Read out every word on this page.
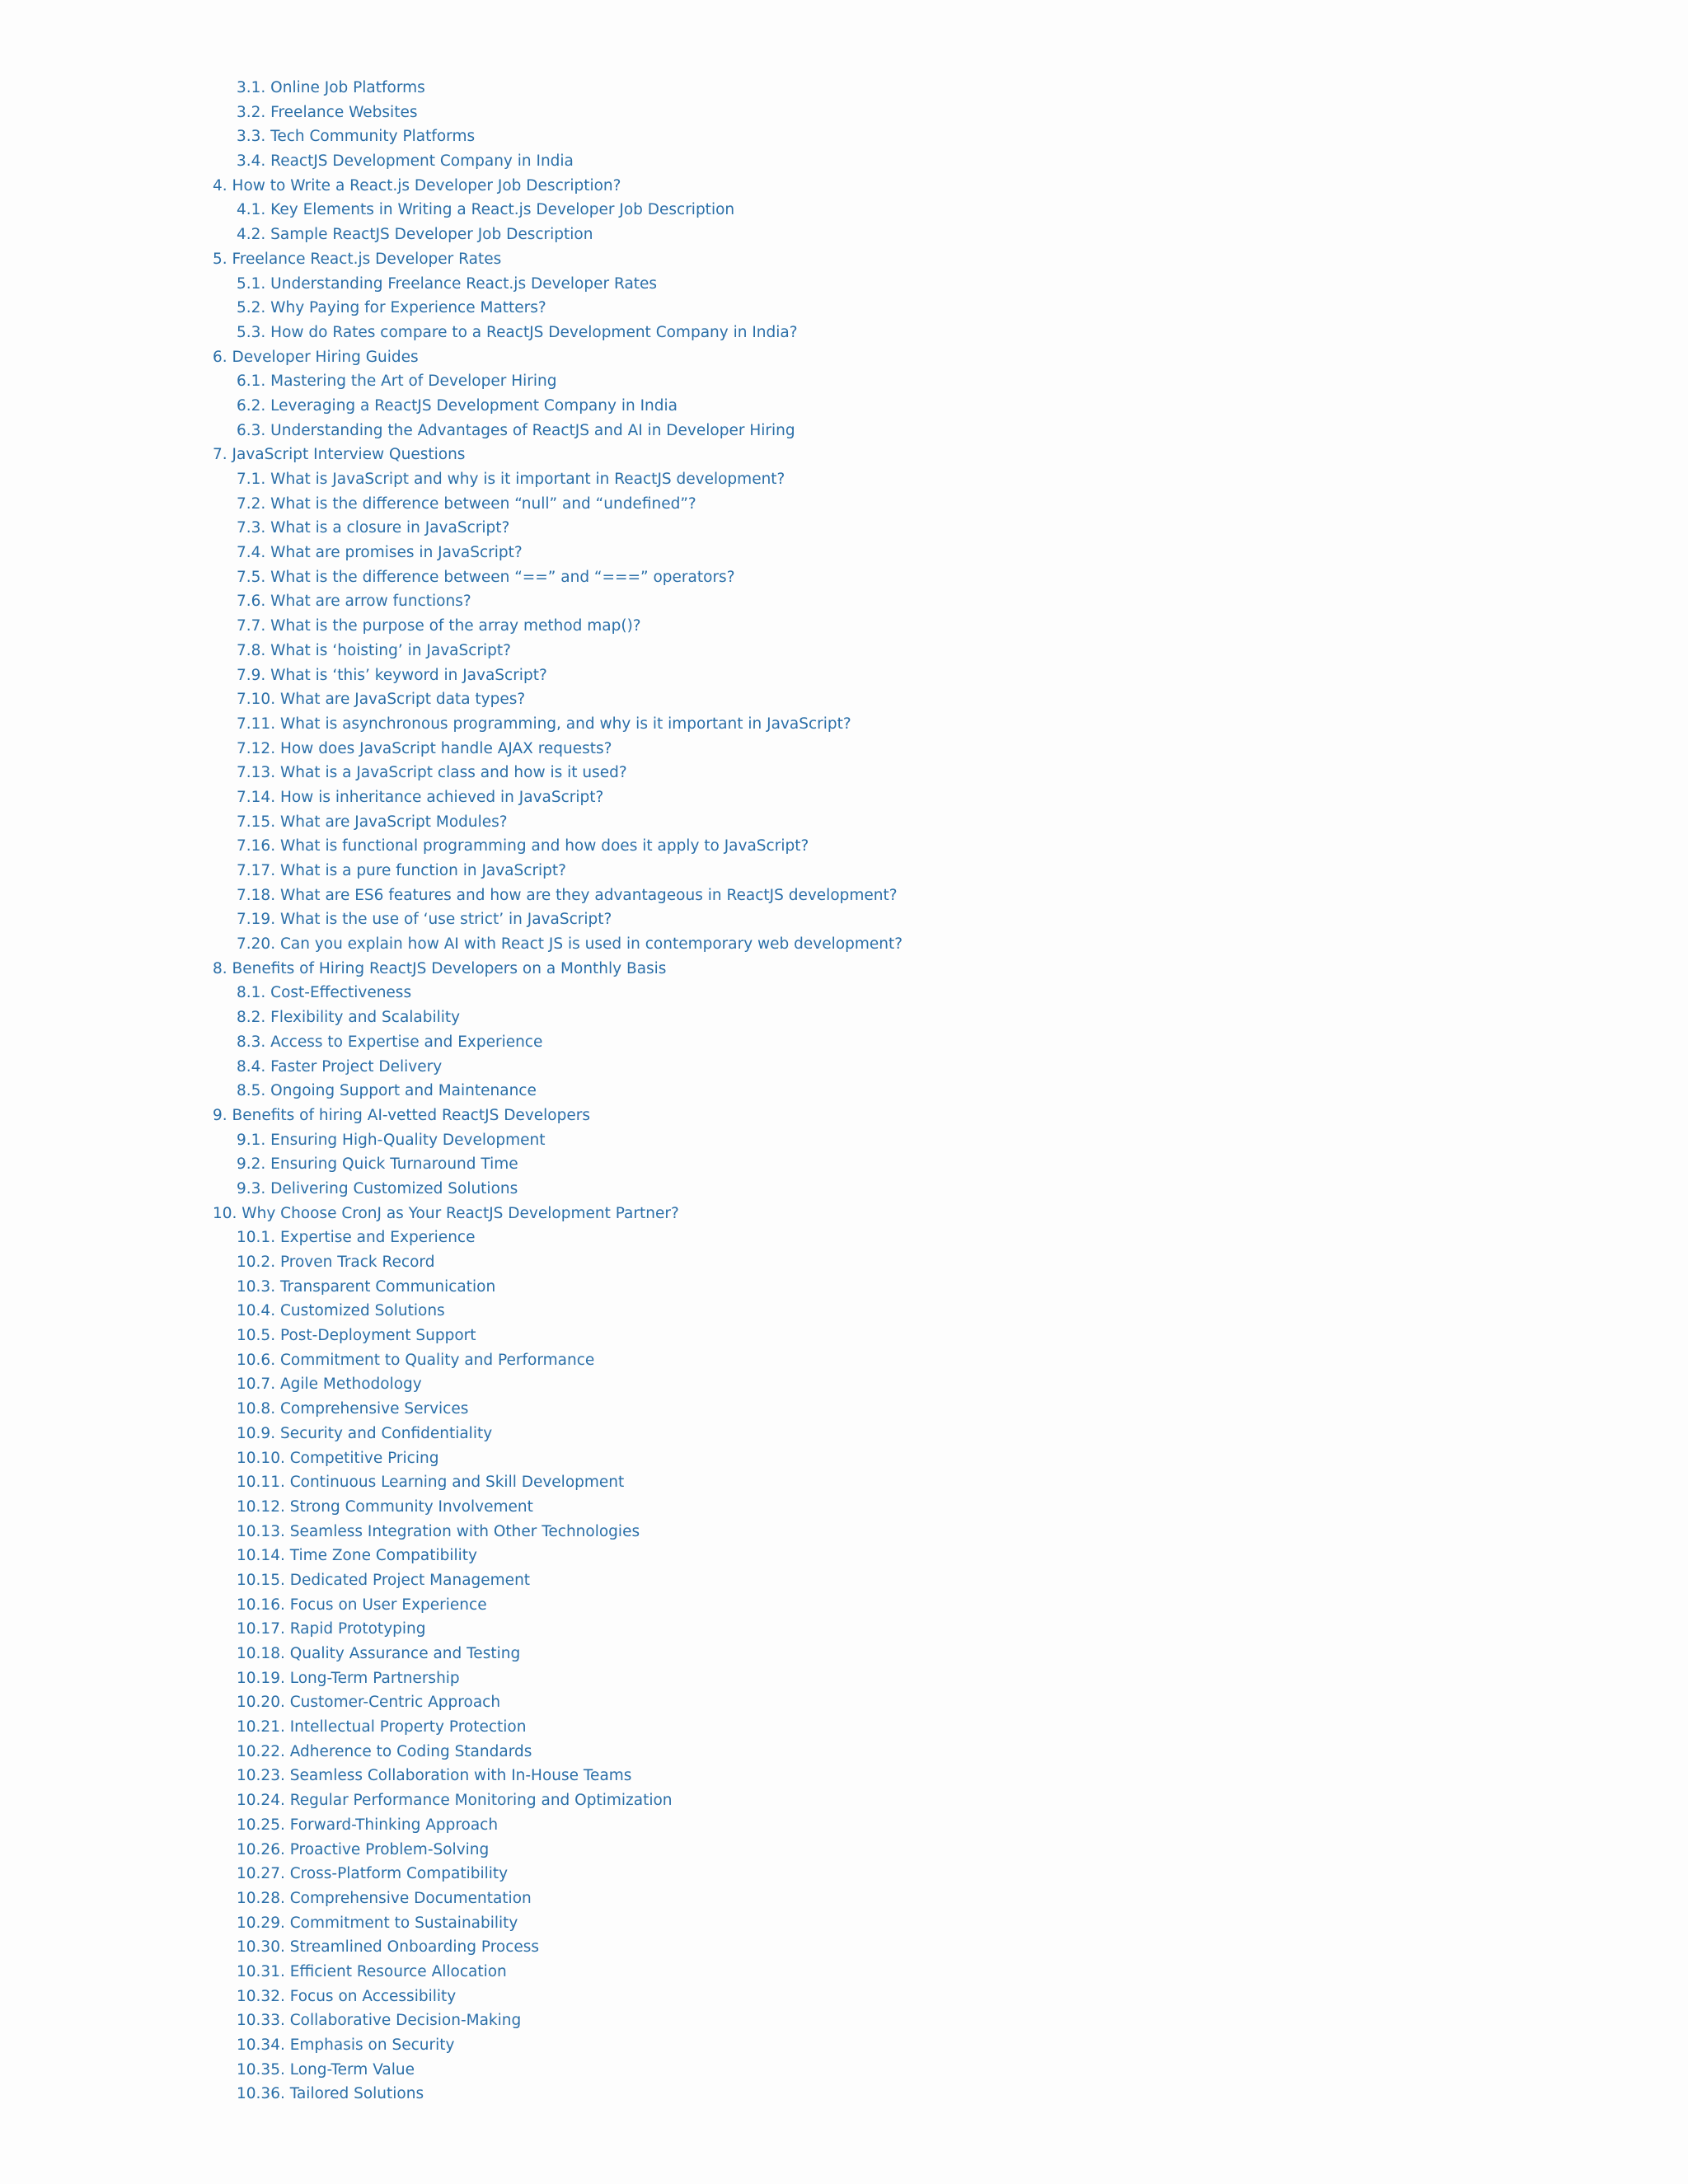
3.1. Online Job Platforms
3.2. Freelance Websites
3.3. Tech Community Platforms
3.4. ReactJS Development Company in India
4. How to Write a React.js Developer Job Description?
4.1. Key Elements in Writing a React.js Developer Job Description
4.2. Sample ReactJS Developer Job Description
5. Freelance React.js Developer Rates
5.1. Understanding Freelance React.js Developer Rates
5.2. Why Paying for Experience Matters?
5.3. How do Rates compare to a ReactJS Development Company in India?
6. Developer Hiring Guides
6.1. Mastering the Art of Developer Hiring
6.2. Leveraging a ReactJS Development Company in India
6.3. Understanding the Advantages of ReactJS and AI in Developer Hiring
7. JavaScript Interview Questions
7.1. What is JavaScript and why is it important in ReactJS development?
7.2. What is the difference between “null” and “undefined”?
7.3. What is a closure in JavaScript?
7.4. What are promises in JavaScript?
7.5. What is the difference between “==” and “===” operators?
7.6. What are arrow functions?
7.7. What is the purpose of the array method map()?
7.8. What is ‘hoisting’ in JavaScript?
7.9. What is ‘this’ keyword in JavaScript?
7.10. What are JavaScript data types?
7.11. What is asynchronous programming, and why is it important in JavaScript?
7.12. How does JavaScript handle AJAX requests?
7.13. What is a JavaScript class and how is it used?
7.14. How is inheritance achieved in JavaScript?
7.15. What are JavaScript Modules?
7.16. What is functional programming and how does it apply to JavaScript?
7.17. What is a pure function in JavaScript?
7.18. What are ES6 features and how are they advantageous in ReactJS development?
7.19. What is the use of ‘use strict’ in JavaScript?
7.20. Can you explain how AI with React JS is used in contemporary web development?
8. Benefits of Hiring ReactJS Developers on a Monthly Basis
8.1. Cost-Effectiveness
8.2. Flexibility and Scalability
8.3. Access to Expertise and Experience
8.4. Faster Project Delivery
8.5. Ongoing Support and Maintenance
9. Benefits of hiring AI-vetted ReactJS Developers
9.1. Ensuring High-Quality Development
9.2. Ensuring Quick Turnaround Time
9.3. Delivering Customized Solutions
10. Why Choose CronJ as Your ReactJS Development Partner?
10.1. Expertise and Experience
10.2. Proven Track Record
10.3. Transparent Communication
10.4. Customized Solutions
10.5. Post-Deployment Support
10.6. Commitment to Quality and Performance
10.7. Agile Methodology
10.8. Comprehensive Services
10.9. Security and Confidentiality
10.10. Competitive Pricing
10.11. Continuous Learning and Skill Development
10.12. Strong Community Involvement
10.13. Seamless Integration with Other Technologies
10.14. Time Zone Compatibility
10.15. Dedicated Project Management
10.16. Focus on User Experience
10.17. Rapid Prototyping
10.18. Quality Assurance and Testing
10.19. Long-Term Partnership
10.20. Customer-Centric Approach
10.21. Intellectual Property Protection
10.22. Adherence to Coding Standards
10.23. Seamless Collaboration with In-House Teams
10.24. Regular Performance Monitoring and Optimization
10.25. Forward-Thinking Approach
10.26. Proactive Problem-Solving
10.27. Cross-Platform Compatibility
10.28. Comprehensive Documentation
10.29. Commitment to Sustainability
10.30. Streamlined Onboarding Process
10.31. Efficient Resource Allocation
10.32. Focus on Accessibility
10.33. Collaborative Decision-Making
10.34. Emphasis on Security
10.35. Long-Term Value
10.36. Tailored Solutions
